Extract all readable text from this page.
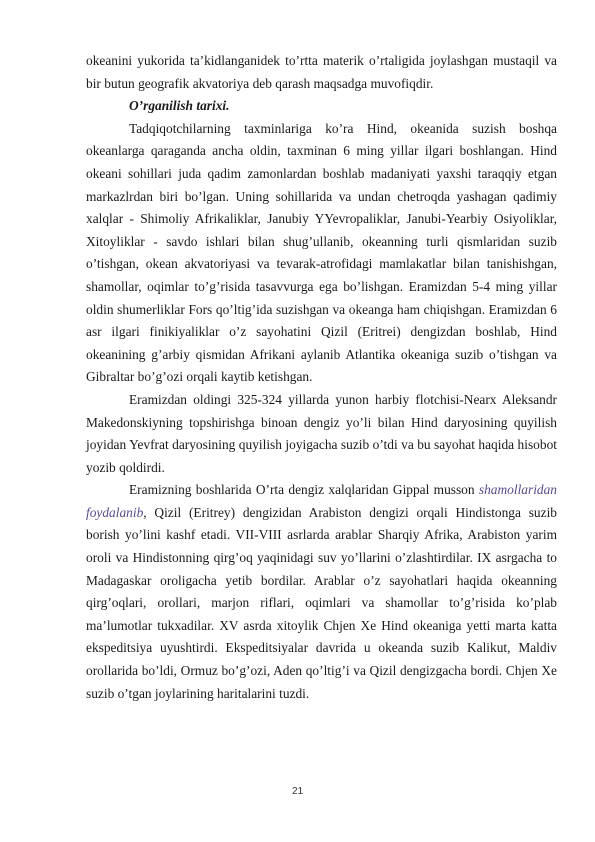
okeanini yukorida ta’kidlanganidek to’rtta materik o’rtaligida joylashgan mustaqil va bir butun geografik akvatoriya deb qarash maqsadga muvofiqdir.

O’rganilish tarixi.

Tadqiqotchilarning taxminlariga ko’ra Hind, okeanida suzish boshqa okeanlarga qaraganda ancha oldin, taxminan 6 ming yillar ilgari boshlangan. Hind okeani sohillari juda qadim zamonlardan boshlab madaniyati yaxshi taraqqiy etgan markazlrdan biri bo’lgan. Uning sohillarida va undan chetroqda yashagan qadimiy xalqlar - Shimoliy Afrikaliklar, Janubiy YYevropaliklar, Janubi-Yearbiy Osiyoliklar, Xitoyliklar - savdo ishlari bilan shug’ullanib, okeanning turli qismlaridan suzib o’tishgan, okean akvatoriyasi va tevarak-atrofidagi mamlakatlar bilan tanishishgan, shamollar, oqimlar to’g’risida tasavvurga ega bo’lishgan. Eramizdan 5-4 ming yillar oldin shumerliklar Fors qo’ltig’ida suzishgan va okeanga ham chiqishgan. Eramizdan 6 asr ilgari finikiyaliklar o’z sayohatini Qizil (Eritrei) dengizdan boshlab, Hind okeanining g’arbiy qismidan Afrikani aylanib Atlantika okeaniga suzib o’tishgan va Gibraltar bo’g’ozi orqali kaytib ketishgan.

Eramizdan oldingi 325-324 yillarda yunon harbiy flotchisi-Nearx Aleksandr Makedonskiyning topshirishga binoan dengiz yo’li bilan Hind daryosining quyilish joyidan Yevfrat daryosining quyilish joyigacha suzib o’tdi va bu sayohat haqida hisobot yozib qoldirdi.

Eramizning boshlarida O’rta dengiz xalqlaridan Gippal musson shamollaridan foydalanib, Qizil (Eritrey) dengizidan Arabiston dengizi orqali Hindistonga suzib borish yo’lini kashf etadi. VII-VIII asrlarda arablar Sharqiy Afrika, Arabiston yarim oroli va Hindistonning qirg’oq yaqinidagi suv yo’llarini o’zlashtirdilar. IX asrgacha to Madagaskar oroligacha yetib bordilar. Arablar o’z sayohatlari haqida okeanning qirg’oqlari, orollari, marjon riflari, oqimlari va shamollar to’g’risida ko’plab ma’lumotlar tukxadilar. XV asrda xitoylik Chjen Xe Hind okeaniga yetti marta katta ekspeditsiya uyushtirdi. Ekspeditsiyalar davrida u okeanda suzib Kalikut, Maldiv orollarida bo’ldi, Ormuz bo’g’ozi, Aden qo’ltig’i va Qizil dengizgacha bordi. Chjen Xe suzib o’tgan joylarining haritalarini tuzdi.

21
